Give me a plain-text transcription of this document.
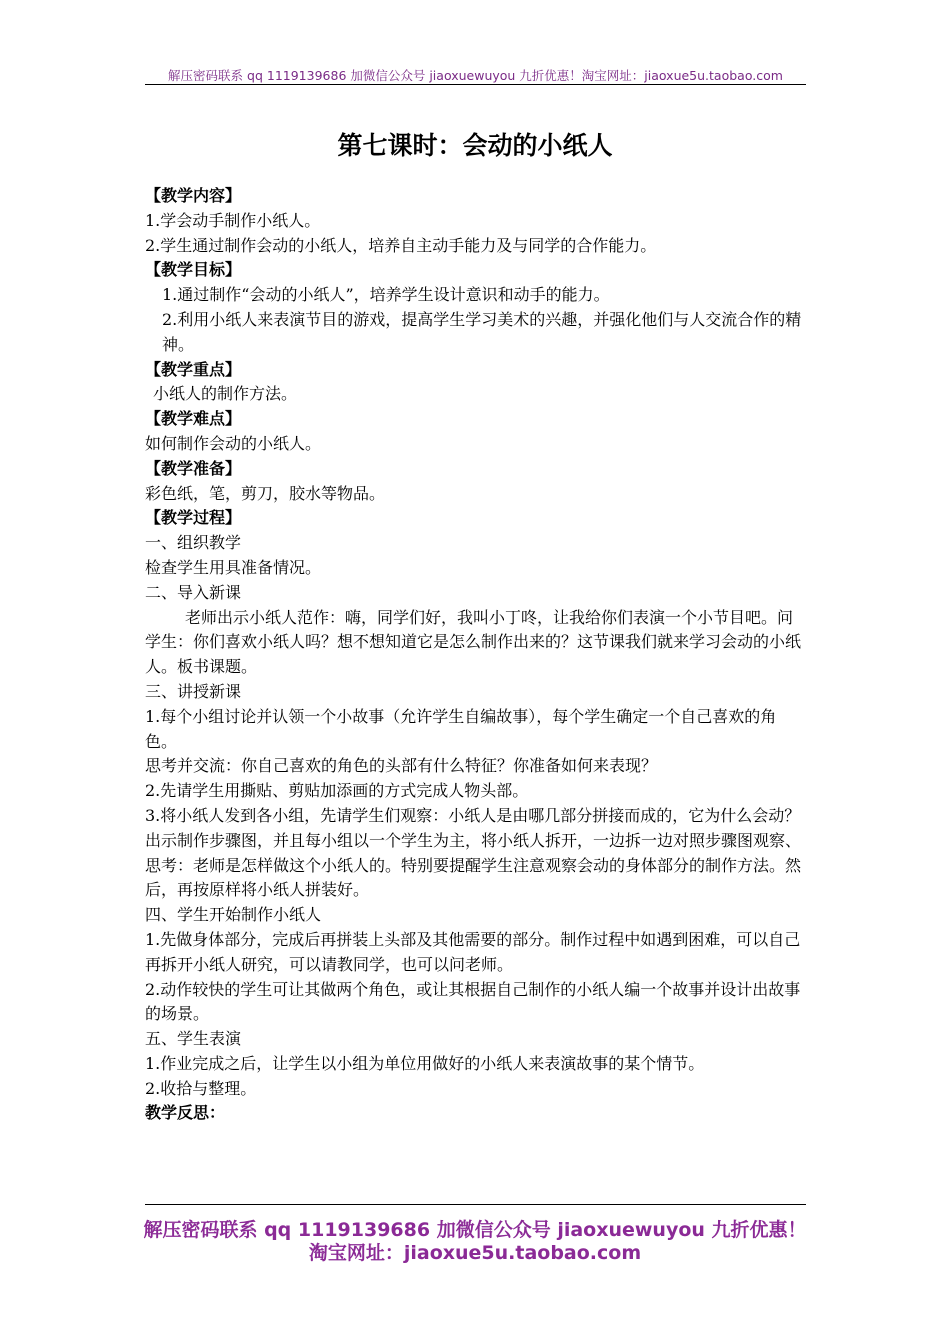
解压密码联系 qq 1119139686 加微信公众号 jiaoxuewuyou 九折优惠！淘宝网址：jiaoxue5u.taobao.com
第七课时：会动的小纸人

【教学内容】

1.学会动手制作小纸人。

2.学生通过制作会动的小纸人，培养自主动手能力及与同学的合作能力。

【教学目标】

1.通过制作“会动的小纸人”，培养学生设计意识和动手的能力。

2.利用小纸人来表演节目的游戏，提高学生学习美术的兴趣，并强化他们与人交流合作的精神。

【教学重点】

小纸人的制作方法。

【教学难点】

如何制作会动的小纸人。

【教学准备】

彩色纸，笔，剪刀，胶水等物品。

【教学过程】

一、组织教学

检查学生用具准备情况。

二、导入新课

老师出示小纸人范作：嗨，同学们好，我叫小丁咚，让我给你们表演一个小节目吧。问学生：你们喜欢小纸人吗？想不想知道它是怎么制作出来的？这节课我们就来学习会动的小纸人。板书课题。

三、讲授新课

1.每个小组讨论并认领一个小故事（允许学生自编故事），每个学生确定一个自己喜欢的角色。

思考并交流：你自己喜欢的角色的头部有什么特征？你准备如何来表现？

2.先请学生用撕贴、剪贴加添画的方式完成人物头部。

3.将小纸人发到各小组，先请学生们观察：小纸人是由哪几部分拼接而成的，它为什么会动？

出示制作步骤图，并且每小组以一个学生为主，将小纸人拆开，一边拆一边对照步骤图观察、思考：老师是怎样做这个小纸人的。特别要提醒学生注意观察会动的身体部分的制作方法。然后，再按原样将小纸人拼装好。

四、学生开始制作小纸人

1.先做身体部分，完成后再拼装上头部及其他需要的部分。制作过程中如遇到困难，可以自己再拆开小纸人研究，可以请教同学，也可以问老师。

2.动作较快的学生可让其做两个角色，或让其根据自己制作的小纸人编一个故事并设计出故事的场景。

五、学生表演

1.作业完成之后，让学生以小组为单位用做好的小纸人来表演故事的某个情节。

2.收拾与整理。

教学反思：

解压密码联系 qq 1119139686 加微信公众号 jiaoxuewuyou 九折优惠！
淘宝网址：jiaoxue5u.taobao.com
